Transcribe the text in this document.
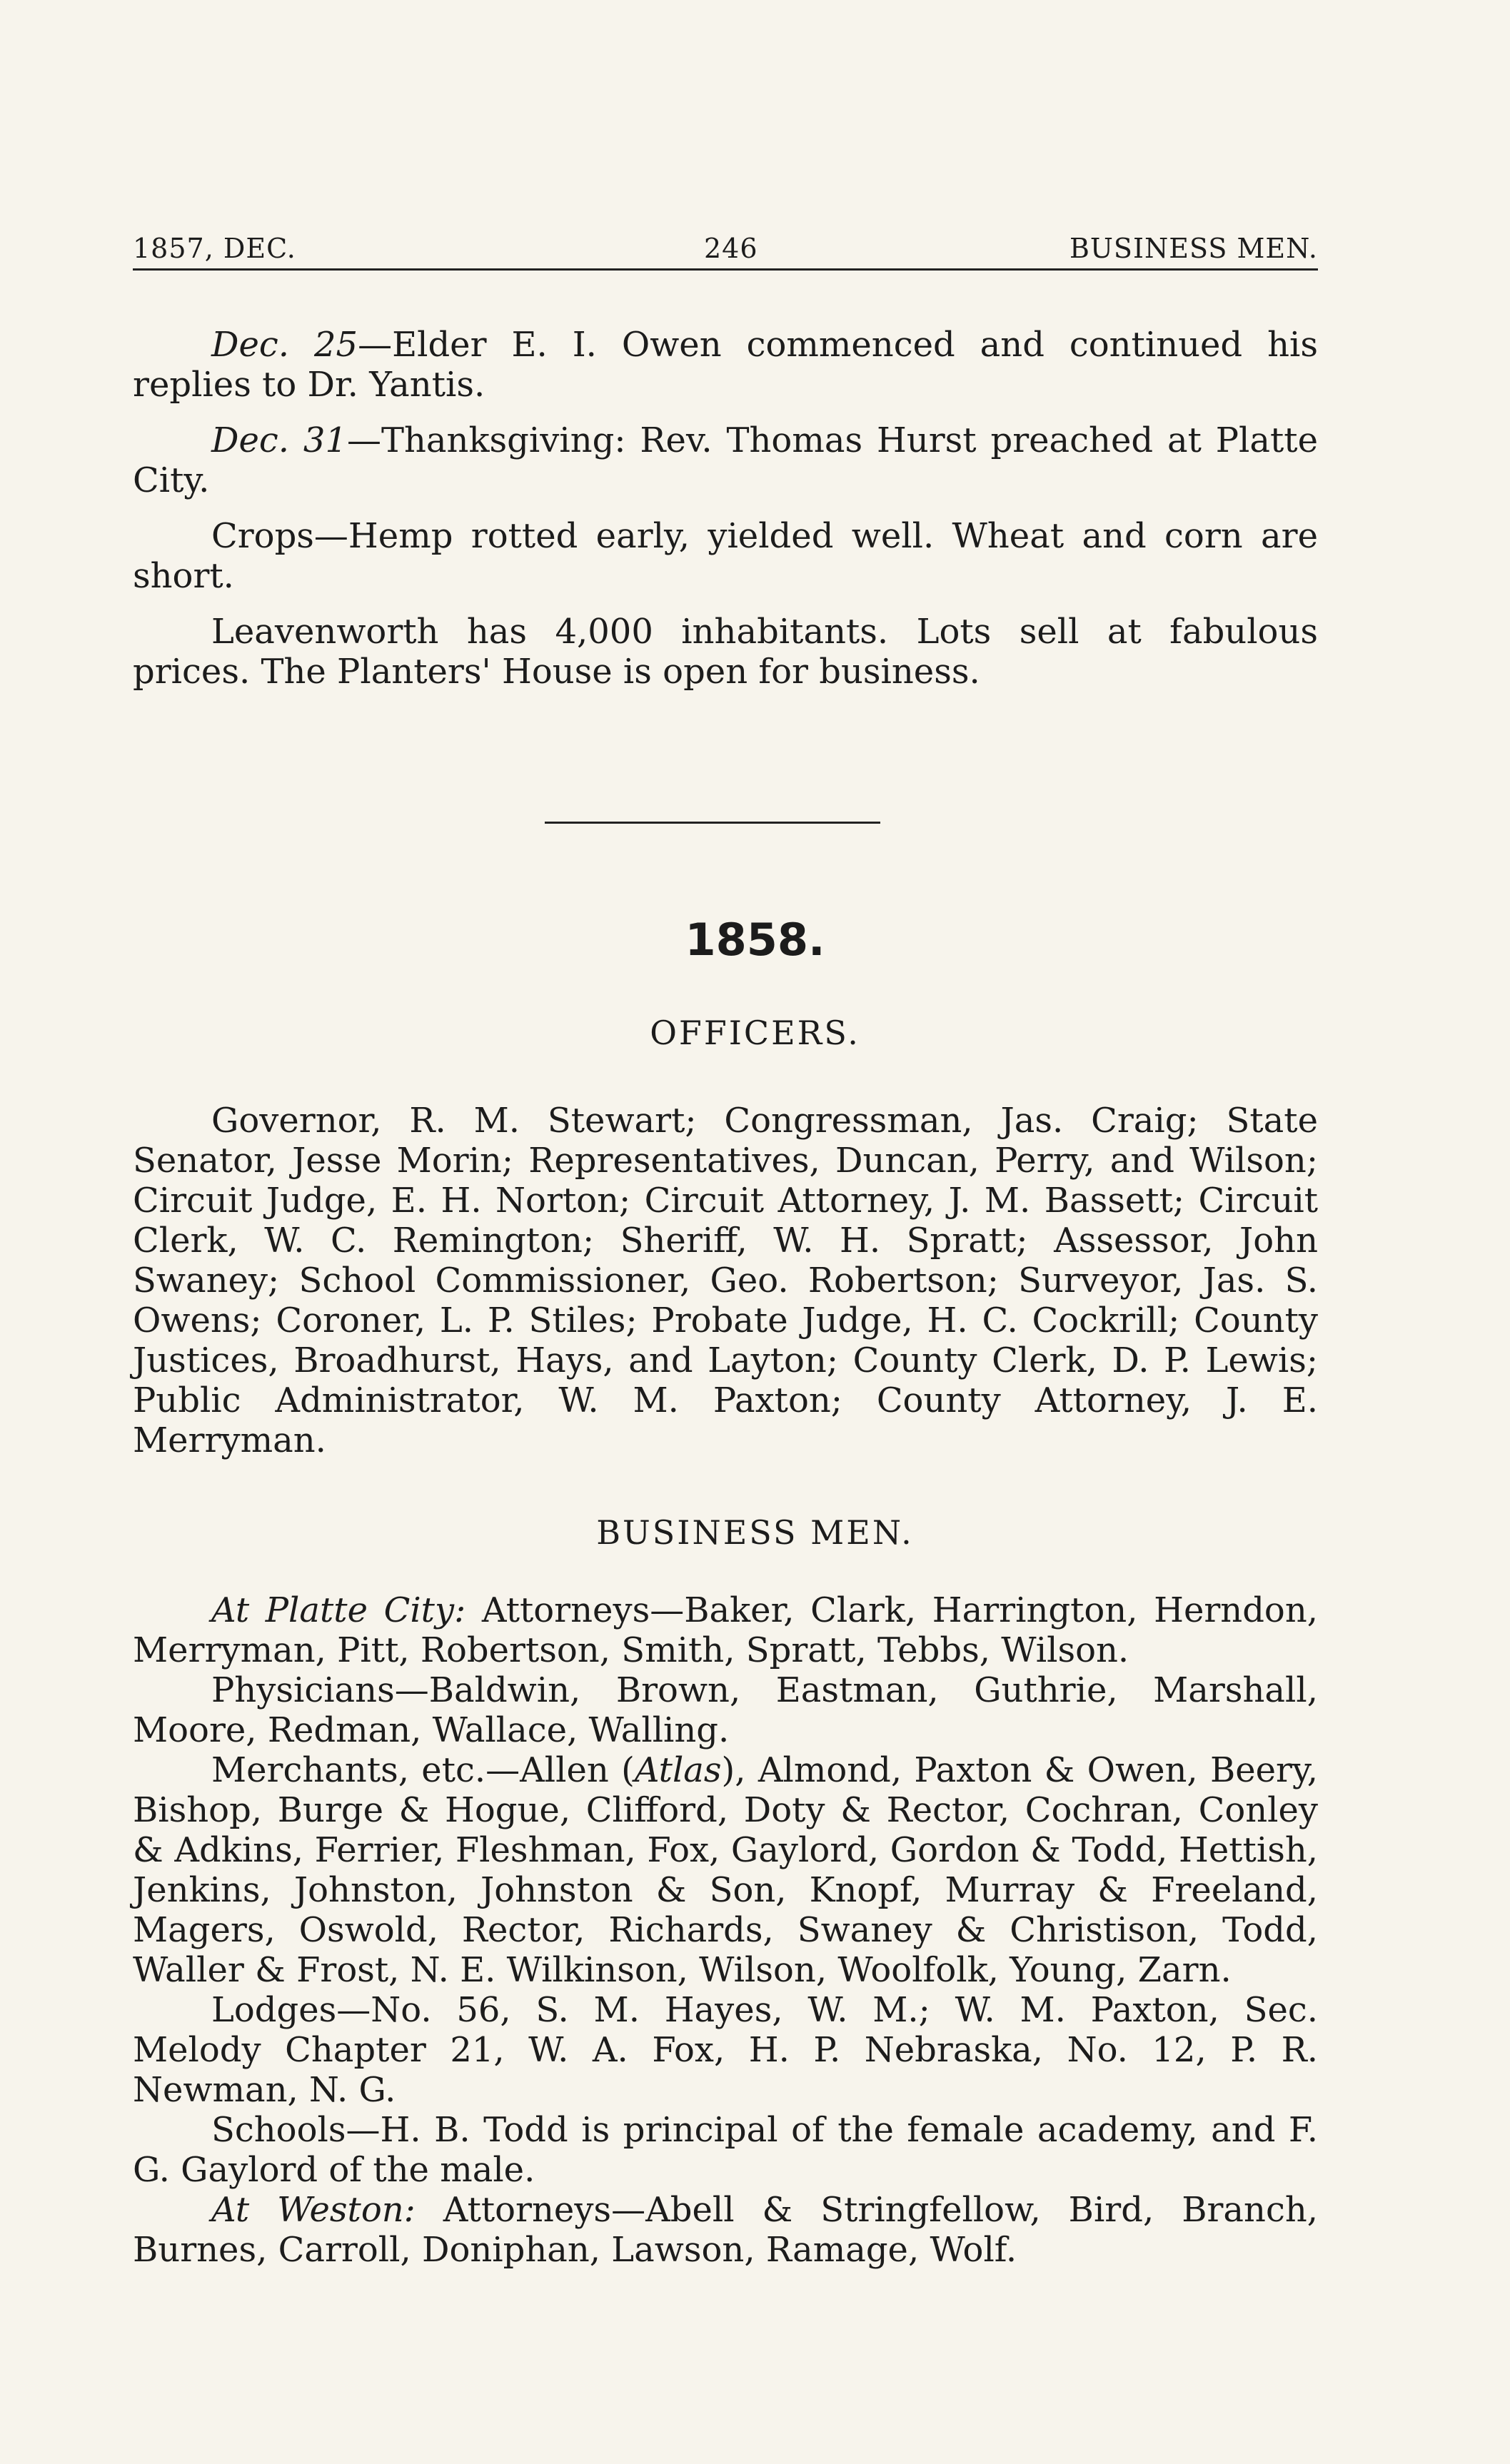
1857, DEC.	246	BUSINESS MEN.

Dec. 25—Elder E. I. Owen commenced and continued his replies to Dr. Yantis.

Dec. 31—Thanksgiving: Rev. Thomas Hurst preached at Platte City.

Crops—Hemp rotted early, yielded well. Wheat and corn are short.

Leavenworth has 4,000 inhabitants. Lots sell at fabulous prices. The Planters' House is open for business.

1858.
OFFICERS.

Governor, R. M. Stewart; Congressman, Jas. Craig; State Senator, Jesse Morin; Representatives, Duncan, Perry, and Wilson; Circuit Judge, E. H. Norton; Circuit Attorney, J. M. Bassett; Circuit Clerk, W. C. Remington; Sheriff, W. H. Spratt; Assessor, John Swaney; School Commissioner, Geo. Robertson; Surveyor, Jas. S. Owens; Coroner, L. P. Stiles; Probate Judge, H. C. Cockrill; County Justices, Broadhurst, Hays, and Layton; County Clerk, D. P. Lewis; Public Administrator, W. M. Paxton; County Attorney, J. E. Merryman.

BUSINESS MEN.

At Platte City: Attorneys—Baker, Clark, Harrington, Herndon, Merryman, Pitt, Robertson, Smith, Spratt, Tebbs, Wilson.

Physicians—Baldwin, Brown, Eastman, Guthrie, Marshall, Moore, Redman, Wallace, Walling.

Merchants, etc.—Allen (Atlas), Almond, Paxton & Owen, Beery, Bishop, Burge & Hogue, Clifford, Doty & Rector, Cochran, Conley & Adkins, Ferrier, Fleshman, Fox, Gaylord, Gordon & Todd, Hettish, Jenkins, Johnston, Johnston & Son, Knopf, Murray & Freeland, Magers, Oswold, Rector, Richards, Swaney & Christison, Todd, Waller & Frost, N. E. Wilkinson, Wilson, Woolfolk, Young, Zarn.

Lodges—No. 56, S. M. Hayes, W. M.; W. M. Paxton, Sec. Melody Chapter 21, W. A. Fox, H. P. Nebraska, No. 12, P. R. Newman, N. G.

Schools—H. B. Todd is principal of the female academy, and F. G. Gaylord of the male.

At Weston: Attorneys—Abell & Stringfellow, Bird, Branch, Burnes, Carroll, Doniphan, Lawson, Ramage, Wolf.
